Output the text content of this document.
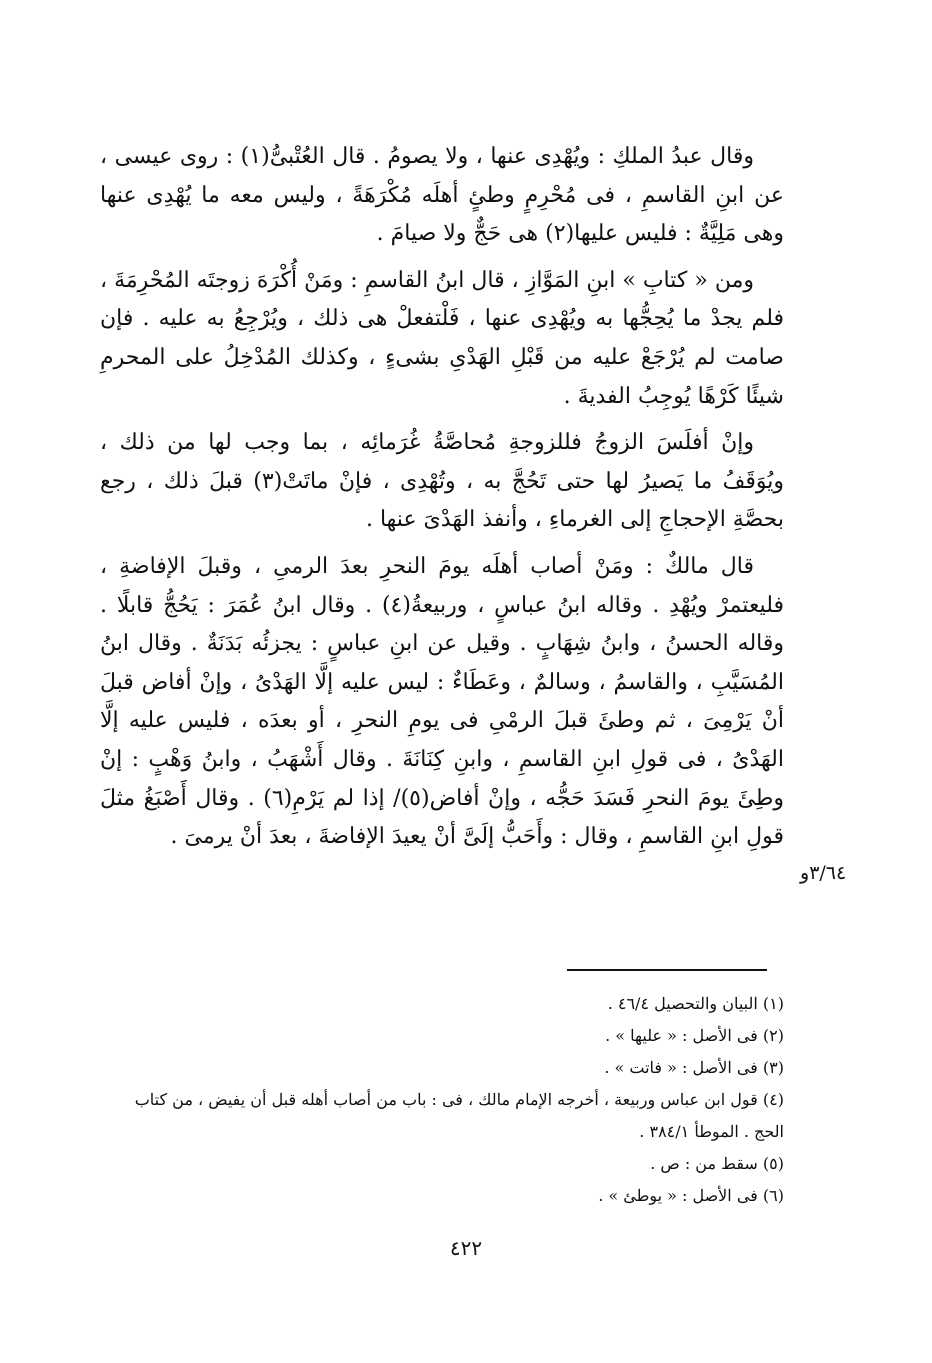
وقال عبدُ الملكِ : ويُهْدِى عنها ، ولا يصومُ . قال العُتْبىُّ(١) : روى عيسى ، عن ابنِ القاسمِ ، فى مُحْرِمٍ وطئٍ أهلَه مُكْرَهَةً ، وليس معه ما يُهْدِى عنها وهى مَلِيَّةٌ : فليس عليها(٢) هى حَجٌّ ولا صيامَ .

ومن « كتابِ » ابنِ المَوَّازِ ، قال ابنُ القاسمِ : ومَنْ أُكْرَهَ زوجتَه المُحْرِمَةَ ، فلم يجدْ ما يُحِجُّها به ويُهْدِى عنها ، فَلْتفعلْ هى ذلك ، ويُرْجِعُ به عليه . فإن صامت لم يُرْجَعْ عليه من قَبْلِ الهَدْىِ بشىءٍ ، وكذلك المُدْخِلُ على المحرمِ شيئًا كَرْهًا يُوجِبُ الفديةَ .

وإنْ أفلَسَ الزوجُ فللزوجةِ مُحاصَّةُ غُرَمائِه ، بما وجب لها من ذلك ، ويُوَقَفُ ما يَصيرُ لها حتى تَحُجَّ به ، وتُهْدِى ، فإنْ ماتَتْ(٣) قبلَ ذلك ، رجع بحصَّةِ الإحجاجِ إلى الغرماءِ ، وأنفذ الهَدْىَ عنها .

قال مالكٌ : ومَنْ أصاب أهلَه يومَ النحرِ بعدَ الرمىِ ، وقبلَ الإفاضةِ ، فليعتمرْ ويُهْدِ . وقاله ابنُ عباسٍ ، وربيعةُ(٤) . وقال ابنُ عُمَرَ : يَحُجُّ قابلًا . وقاله الحسنُ ، وابنُ شِهَابٍ . وقيل عن ابنِ عباسٍ : يجزئُه بَدَنَةٌ . وقال ابنُ المُسَيَّبِ ، والقاسمُ ، وسالمٌ ، وعَطَاءٌ : ليس عليه إلَّا الهَدْىُ ، وإنْ أفاض قبلَ أنْ يَرْمِىَ ، ثم وطئَ قبلَ الرمْىِ فى يومِ النحرِ ، أو بعدَه ، فليس عليه إلَّا الهَدْىُ ، فى قولِ ابنِ القاسمِ ، وابنِ كِنَانَةَ . وقال أَشْهَبُ ، وابنُ وَهْبٍ : إنْ وطِئَ يومَ النحرِ فَسَدَ حَجُّه ، وإنْ أفاض(٥)/ إذا لم يَرْمِ(٦) . وقال أَصْبَغُ مثلَ قولِ ابنِ القاسمِ ، وقال : وأَحَبُّ إلَىَّ أنْ يعيدَ الإفاضةَ ، بعدَ أنْ يرمىَ .

٣/٦٤و

(١) البيان والتحصيل ٤٦/٤ .

(٢) فى الأصل : « عليها » .

(٣) فى الأصل : « فاتت » .

(٤) قول ابن عباس وربيعة ، أخرجه الإمام مالك ، فى : باب من أصاب أهله قبل أن يفيض ، من كتاب الحج . الموطأ ٣٨٤/١ .

(٥) سقط من : ص .

(٦) فى الأصل : « يوطئ » .

٤٢٢
